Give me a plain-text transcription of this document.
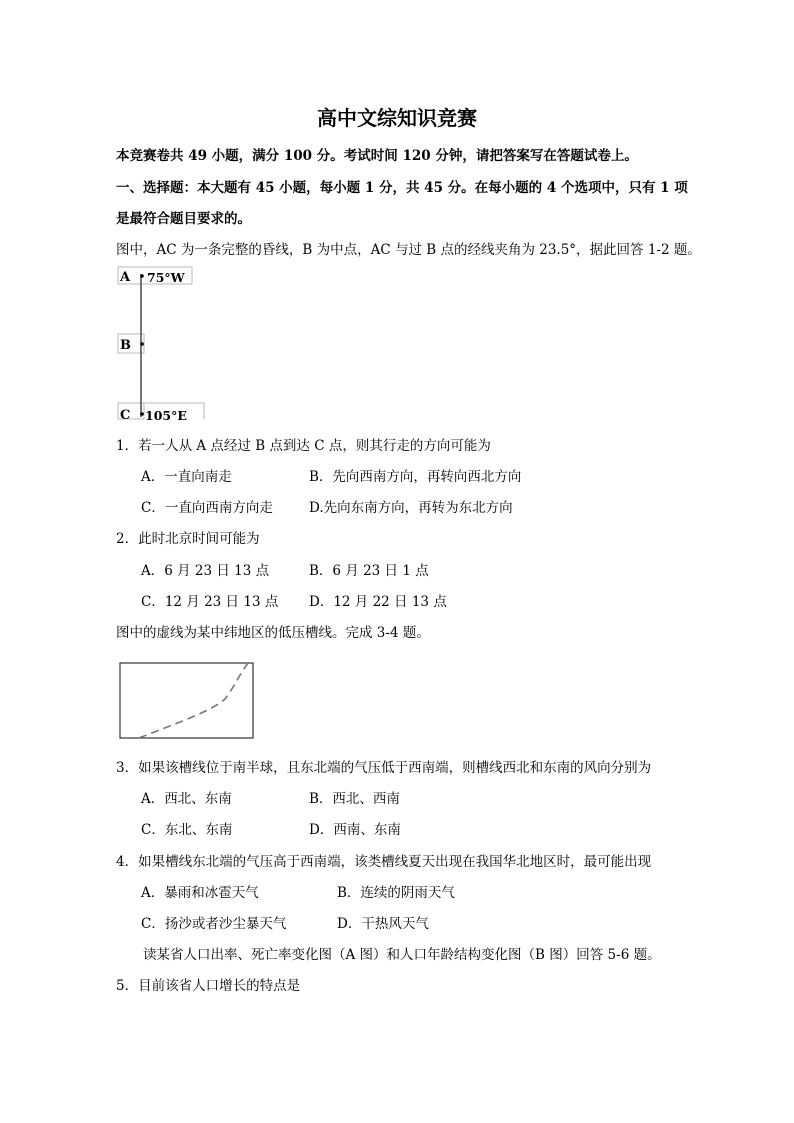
高中文综知识竞赛
本竞赛卷共 49 小题，满分 100 分。考试时间 120 分钟，请把答案写在答题试卷上。
一、选择题：本大题有 45 小题，每小题 1 分，共 45 分。在每小题的 4 个选项中，只有 1 项
是最符合题目要求的。
图中，AC 为一条完整的昏线，B 为中点，AC 与过 B 点的经线夹角为 23.5°，据此回答 1-2 题。
A
B
C
75°W
105°E
1．若一人从 A 点经过 B 点到达 C 点，则其行走的方向可能为
A．一直向南走	B．先向西南方向，再转向西北方向
C．一直向西南方向走	D.先向东南方向，再转为东北方向
2．此时北京时间可能为
A．6 月 23 日 13 点	B．6 月 23 日 1 点
C．12 月 23 日 13 点 D．12 月 22 日 13 点
图中的虚线为某中纬地区的低压槽线。完成 3-4 题。
3．如果该槽线位于南半球，且东北端的气压低于西南端，则槽线西北和东南的风向分别为
A．西北、东南	B．西北、西南
C．东北、东南	D．西南、东南
4．如果槽线东北端的气压高于西南端，该类槽线夏天出现在我国华北地区时，最可能出现
A．暴雨和冰雹天气	B．连续的阴雨天气
C．扬沙或者沙尘暴天气	D．干热风天气
读某省人口出率、死亡率变化图（A 图）和人口年龄结构变化图（B 图）回答 5-6 题。
5．目前该省人口增长的特点是
